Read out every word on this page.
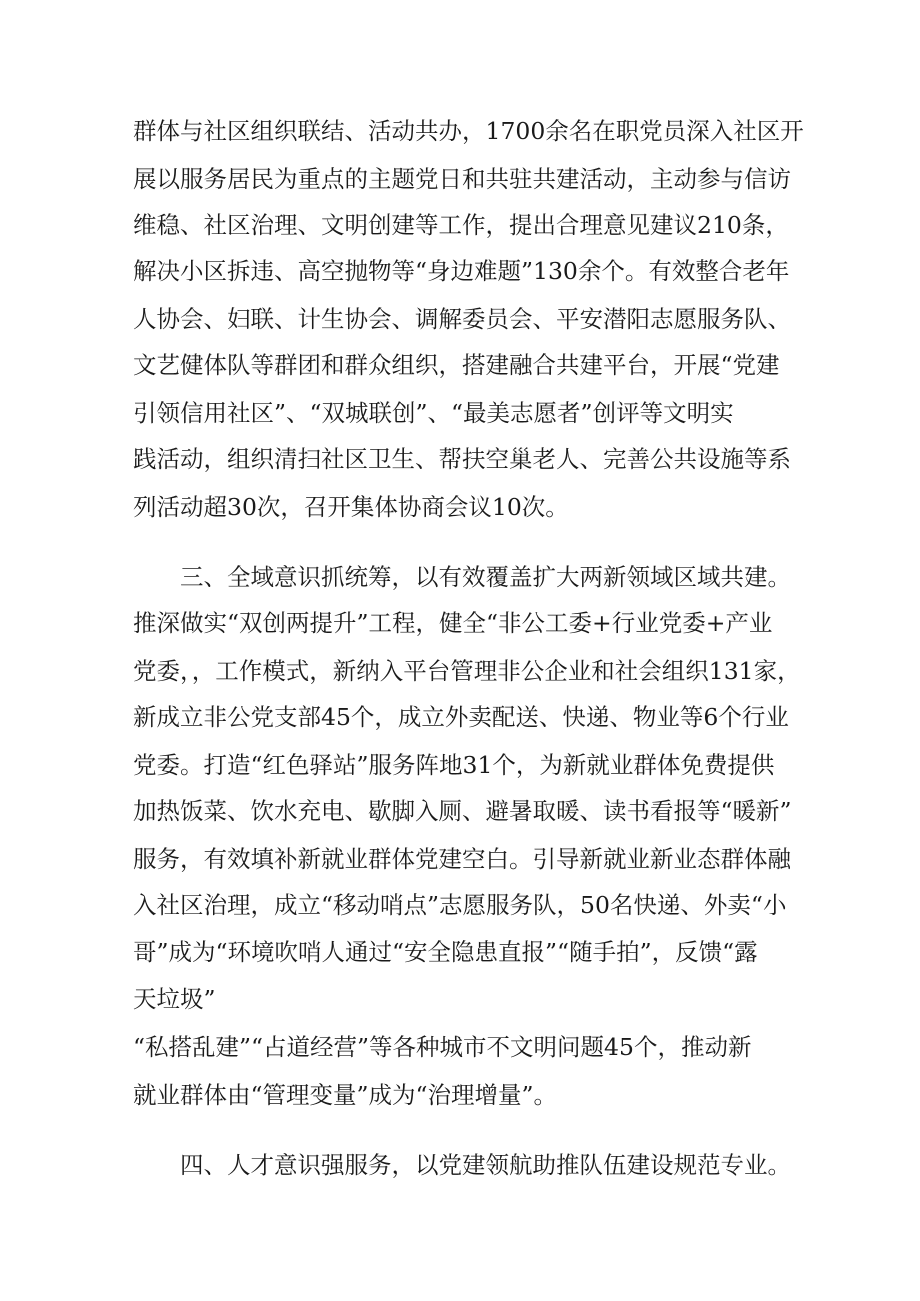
群体与社区组织联结、活动共办，1700余名在职党员深入社区开

展以服务居民为重点的主题党日和共驻共建活动，主动参与信访

维稳、社区治理、文明创建等工作，提出合理意见建议210条，

解决小区拆违、高空抛物等“身边难题”130余个。有效整合老年

人协会、妇联、计生协会、调解委员会、平安潜阳志愿服务队、

文艺健体队等群团和群众组织，搭建融合共建平台，开展“党建

引领信用社区”、“双城联创”、“最美志愿者”创评等文明实

践活动，组织清扫社区卫生、帮扶空巢老人、完善公共设施等系

列活动超30次，召开集体协商会议10次。

三、全域意识抓统筹，以有效覆盖扩大两新领域区域共建。

推深做实“双创两提升”工程，健全“非公工委+行业党委+产业

党委，，工作模式，新纳入平台管理非公企业和社会组织131家，

新成立非公党支部45个，成立外卖配送、快递、物业等6个行业

党委。打造“红色驿站”服务阵地31个，为新就业群体免费提供

加热饭菜、饮水充电、歇脚入厕、避暑取暖、读书看报等“暖新”

服务，有效填补新就业群体党建空白。引导新就业新业态群体融

入社区治理，成立“移动哨点”志愿服务队，50名快递、外卖“小

哥”成为“环境吹哨人通过“安全隐患直报”“随手拍”，反馈“露

天垃圾”

“私搭乱建”“占道经营”等各种城市不文明问题45个，推动新

就业群体由“管理变量”成为“治理增量”。

四、人才意识强服务，以党建领航助推队伍建设规范专业。
